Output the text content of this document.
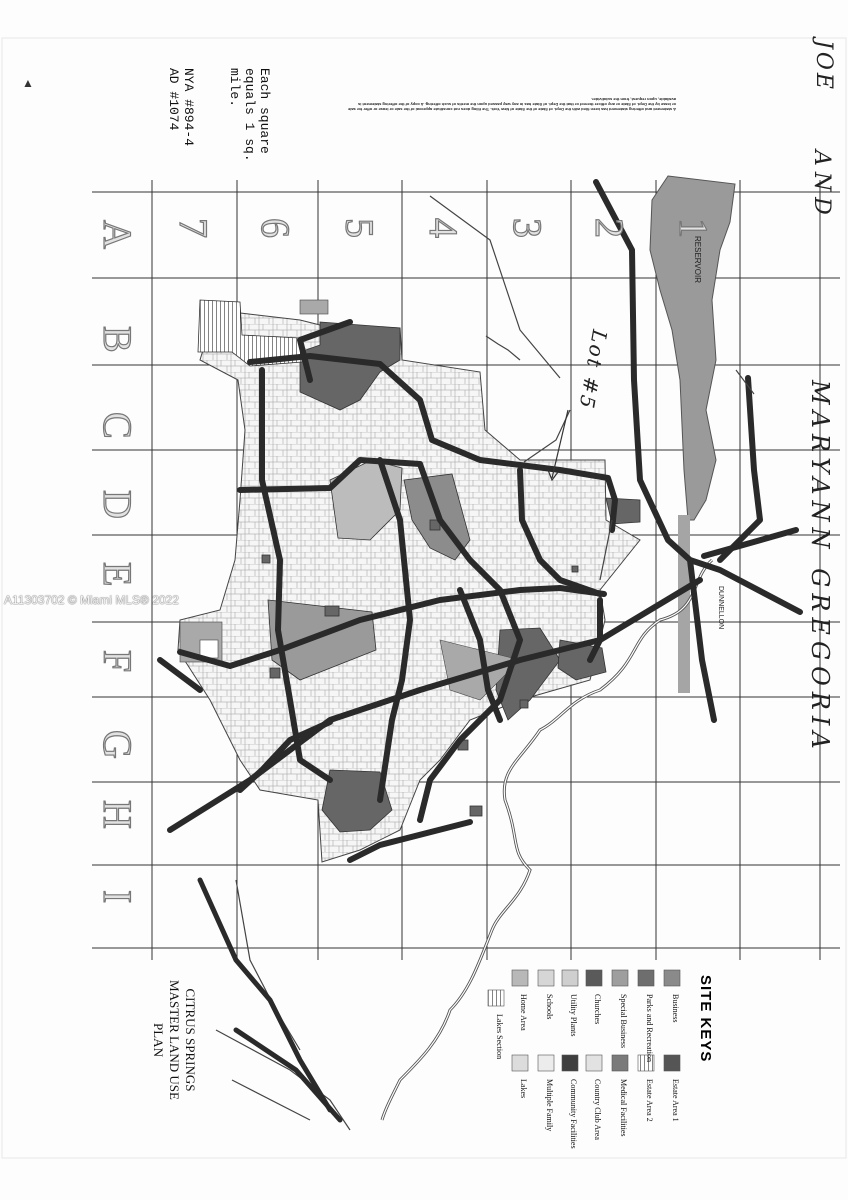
1
2
3
4
5
6
7
A
B
C
D
E
F
G
H
I
RESERVOIR
DUNNELLON
A statement and offering statement has been filed with the Dept. of State of the State of New York. The filing does not constitute approval of the sale or lease or offer for sale or lease by the Dept. of State or any officer thereof or that the Dept. of State has in any way passed upon the merits of such offering. A copy of the offering statement is available, upon request, from the subdivider.
Each square
equals 1 sq.
mile.
NYA #894-4
AD #1074
JOE
AND
MARYANN GREGORIA
Lot #5
CITRUS SPRINGS
MASTER LAND USE
PLAN	SITE KEYS
Business
Parks and Recreation
Special Business
Churches
Utility Plants
Schools
Home Area
Lakes Section
Estate Area 1
Estate Area 2
Medical Facilities
Country Club Area
Community Facilities
Multiple Family
Lakes
A11303702 © Miami MLS® 2022
▲
